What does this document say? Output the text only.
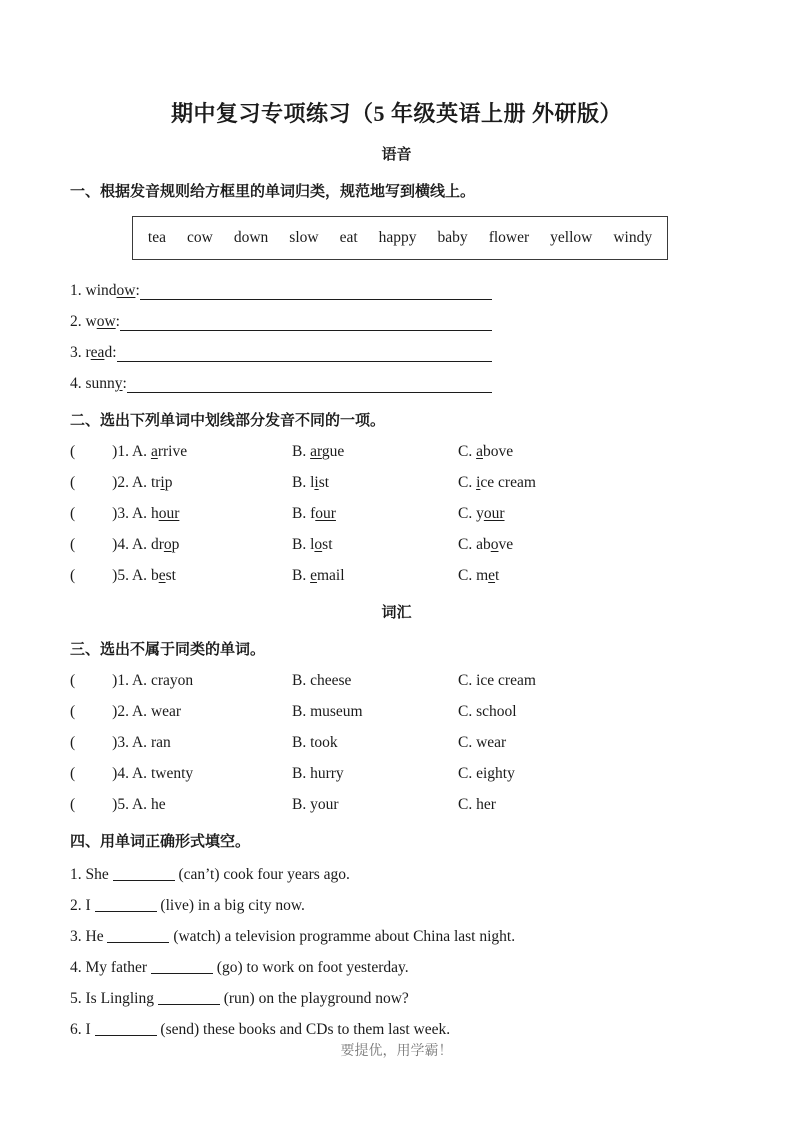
期中复习专项练习（5 年级英语上册 外研版）
语音
一、根据发音规则给方框里的单词归类，规范地写到横线上。
tea cow down slow eat happy baby flower yellow windy
1. window:
2. wow:
3. read:
4. sunny:
二、选出下列单词中划线部分发音不同的一项。
( )1. A. arrive	B. argue	C. above
( )2. A. trip	B. list	C. ice cream
( )3. A. hour	B. four	C. your
( )4. A. drop	B. lost	C. above
( )5. A. best	B. email	C. met
词汇
三、选出不属于同类的单词。
( )1. A. crayon	B. cheese	C. ice cream
( )2. A. wear	B. museum	C. school
( )3. A. ran	B. took	C. wear
( )4. A. twenty	B. hurry	C. eighty
( )5. A. he	B. your	C. her
四、用单词正确形式填空。
1. She	(can’t) cook four years ago.
2. I	(live) in a big city now.
3. He	(watch) a television programme about China last night.
4. My father	(go) to work on foot yesterday.
5. Is Lingling	(run) on the playground now?
6. I	(send) these books and CDs to them last week.
要提优，用学霸！
